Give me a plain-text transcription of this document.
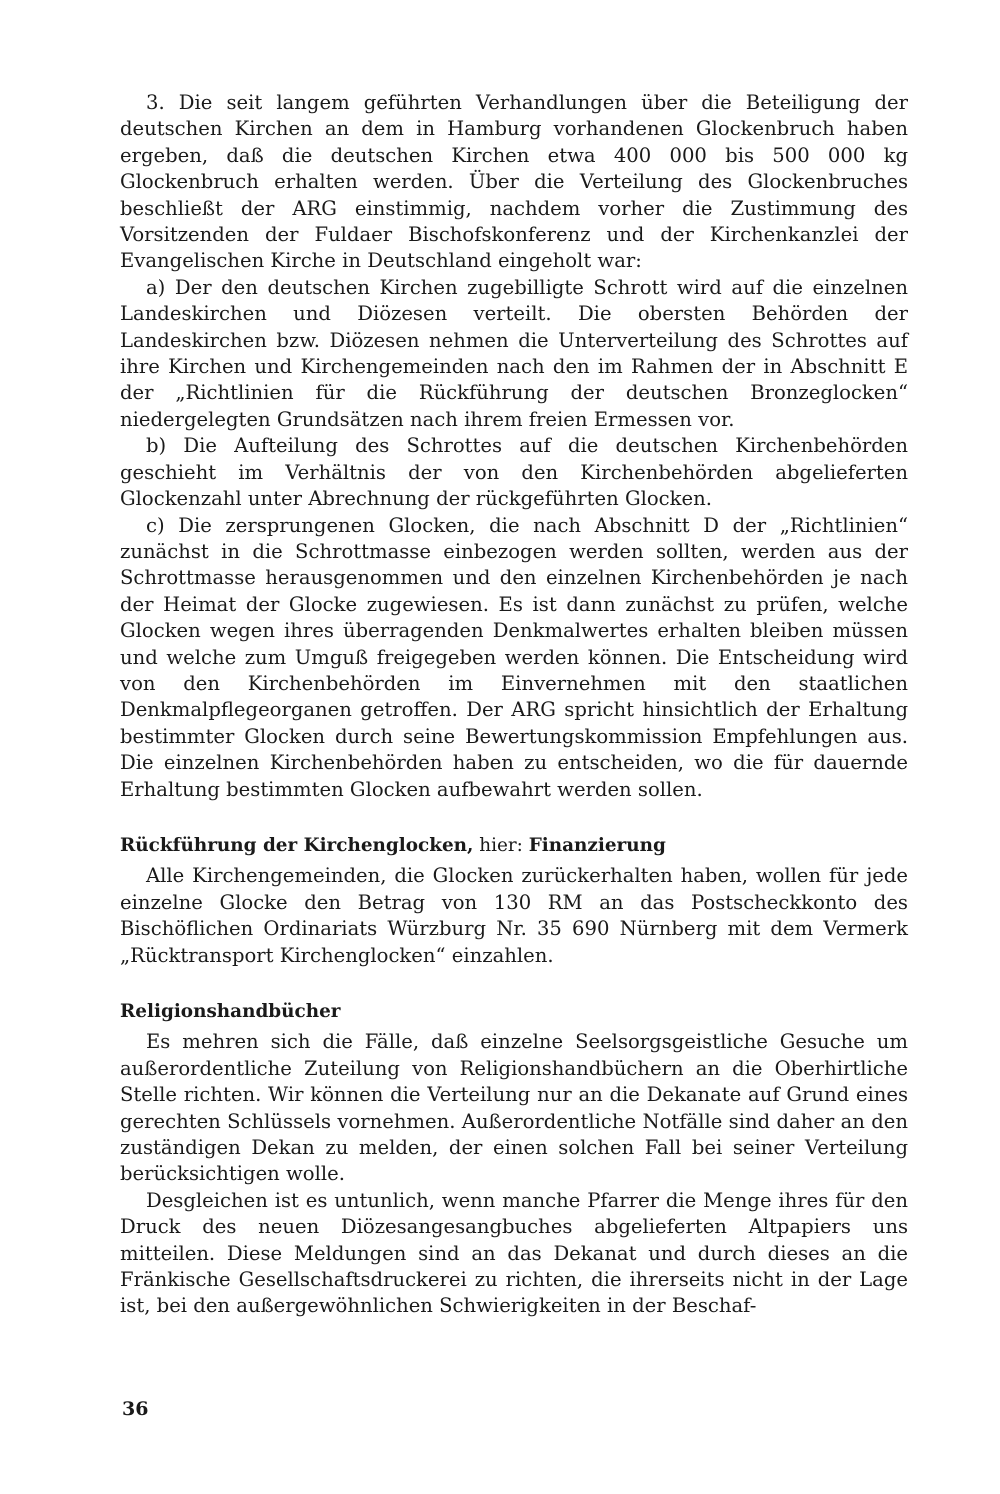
3. Die seit langem geführten Verhandlungen über die Beteiligung der deutschen Kirchen an dem in Hamburg vorhandenen Glockenbruch haben ergeben, daß die deutschen Kirchen etwa 400 000 bis 500 000 kg Glockenbruch erhalten werden. Über die Verteilung des Glockenbruches beschließt der ARG einstimmig, nachdem vorher die Zustimmung des Vorsitzenden der Fuldaer Bischofskonferenz und der Kirchenkanzlei der Evangelischen Kirche in Deutschland eingeholt war:

a) Der den deutschen Kirchen zugebilligte Schrott wird auf die einzelnen Landeskirchen und Diözesen verteilt. Die obersten Behörden der Landeskirchen bzw. Diözesen nehmen die Unterverteilung des Schrottes auf ihre Kirchen und Kirchengemeinden nach den im Rahmen der in Abschnitt E der „Richtlinien für die Rückführung der deutschen Bronzeglocken“ niedergelegten Grundsätzen nach ihrem freien Ermessen vor.

b) Die Aufteilung des Schrottes auf die deutschen Kirchenbehörden geschieht im Verhältnis der von den Kirchenbehörden abgelieferten Glockenzahl unter Abrechnung der rückgeführten Glocken.

c) Die zersprungenen Glocken, die nach Abschnitt D der „Richtlinien“ zunächst in die Schrottmasse einbezogen werden sollten, werden aus der Schrottmasse herausgenommen und den einzelnen Kirchenbehörden je nach der Heimat der Glocke zugewiesen. Es ist dann zunächst zu prüfen, welche Glocken wegen ihres überragenden Denkmalwertes erhalten bleiben müssen und welche zum Umguß freigegeben werden können. Die Entscheidung wird von den Kirchenbehörden im Einvernehmen mit den staatlichen Denkmalpflegeorganen getroffen. Der ARG spricht hinsichtlich der Erhaltung bestimmter Glocken durch seine Bewertungskommission Empfehlungen aus. Die einzelnen Kirchenbehörden haben zu entscheiden, wo die für dauernde Erhaltung bestimmten Glocken aufbewahrt werden sollen.

Rückführung der Kirchenglocken, hier: Finanzierung

Alle Kirchengemeinden, die Glocken zurückerhalten haben, wollen für jede einzelne Glocke den Betrag von 130 RM an das Postscheckkonto des Bischöflichen Ordinariats Würzburg Nr. 35 690 Nürnberg mit dem Vermerk „Rücktransport Kirchenglocken“ einzahlen.

Religionshandbücher

Es mehren sich die Fälle, daß einzelne Seelsorgsgeistliche Gesuche um außerordentliche Zuteilung von Religionshandbüchern an die Oberhirtliche Stelle richten. Wir können die Verteilung nur an die Dekanate auf Grund eines gerechten Schlüssels vornehmen. Außerordentliche Notfälle sind daher an den zuständigen Dekan zu melden, der einen solchen Fall bei seiner Verteilung berücksichtigen wolle.

Desgleichen ist es untunlich, wenn manche Pfarrer die Menge ihres für den Druck des neuen Diözesangesangbuches abgelieferten Altpapiers uns mitteilen. Diese Meldungen sind an das Dekanat und durch dieses an die Fränkische Gesellschaftsdruckerei zu richten, die ihrerseits nicht in der Lage ist, bei den außergewöhnlichen Schwierigkeiten in der Beschaf-

36
